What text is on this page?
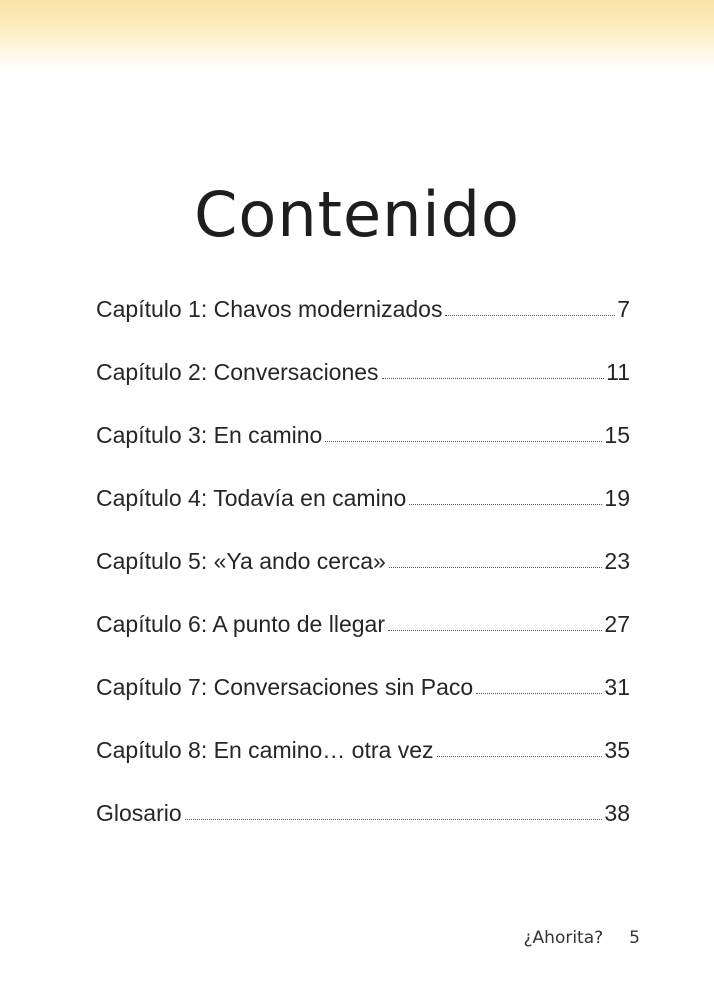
Contenido
Capítulo 1: Chavos modernizados	7
Capítulo 2: Conversaciones	11
Capítulo 3: En camino	15
Capítulo 4: Todavía en camino	19
Capítulo 5: «Ya ando cerca»	23
Capítulo 6: A punto de llegar	27
Capítulo 7: Conversaciones sin Paco	31
Capítulo 8: En camino… otra vez	35
Glosario	38
¿Ahorita? 5
